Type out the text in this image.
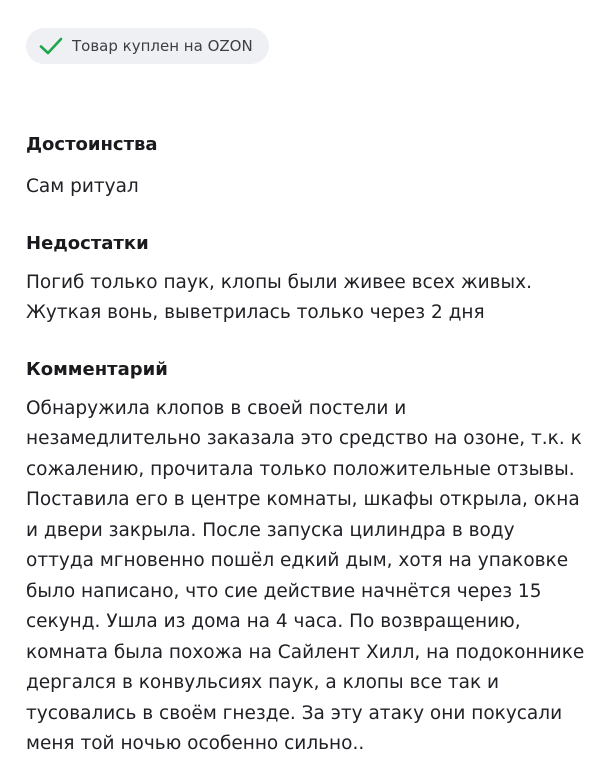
Товар куплен на OZON
Достоинства

Сам ритуал

Недостатки

Погиб только паук, клопы были живее всех живых. Жуткая вонь, выветрилась только через 2 дня

Комментарий

Обнаружила клопов в своей постели и незамедлительно заказала это средство на озоне, т.к. к сожалению, прочитала только положительные отзывы. Поставила его в центре комнаты, шкафы открыла, окна и двери закрыла. После запуска цилиндра в воду оттуда мгновенно пошёл едкий дым, хотя на упаковке было написано, что сие действие начнётся через 15 секунд. Ушла из дома на 4 часа. По возвращению, комната была похожа на Сайлент Хилл, на подоконнике дергался в конвульсиях паук, а клопы все так и тусовались в своём гнезде. За эту атаку они покусали меня той ночью особенно сильно..
